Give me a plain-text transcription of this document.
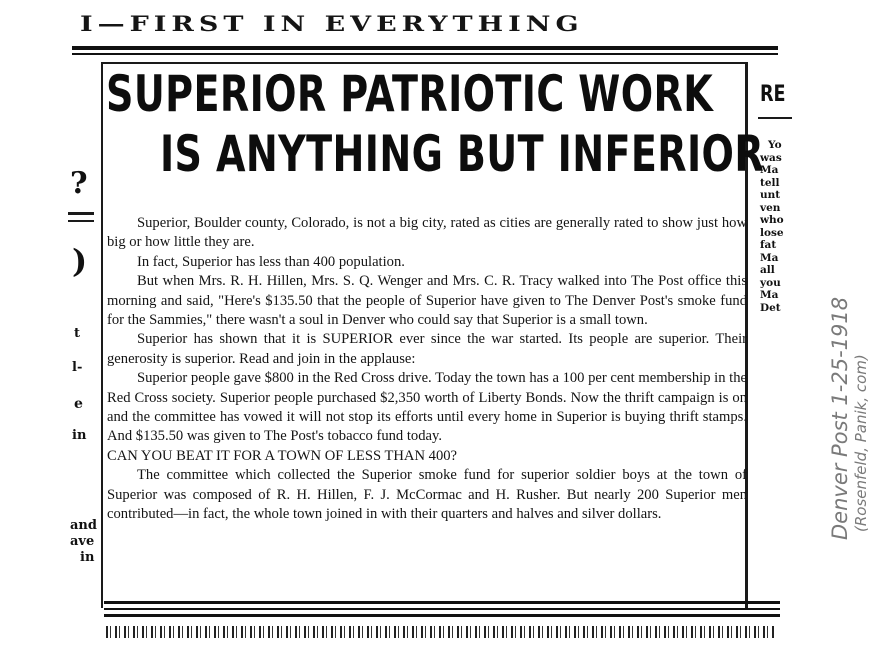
I—FIRST IN EVERYTHING
?
)
t
l-
e
in
and
ave
in
SUPERIOR PATRIOTIC WORK
IS ANYTHING BUT INFERIOR

Superior, Boulder county, Colorado, is not a big city, rated as cities are generally rated to show just how big or how little they are.

In fact, Superior has less than 400 population.

But when Mrs. R. H. Hillen, Mrs. S. Q. Wenger and Mrs. C. R. Tracy walked into The Post office this morning and said, "Here's $135.50 that the people of Superior have given to The Denver Post's smoke fund for the Sammies," there wasn't a soul in Denver who could say that Superior is a small town.

Superior has shown that it is SUPERIOR ever since the war started. Its people are superior. Their generosity is superior. Read and join in the applause:

Superior people gave $800 in the Red Cross drive. Today the town has a 100 per cent membership in the Red Cross society. Superior people purchased $2,350 worth of Liberty Bonds. Now the thrift campaign is on and the committee has vowed it will not stop its efforts until every home in Superior is buying thrift stamps. And $135.50 was given to The Post's tobacco fund today.

CAN YOU BEAT IT FOR A TOWN OF LESS THAN 400?

The committee which collected the Superior smoke fund for superior soldier boys at the town of Superior was composed of R. H. Hillen, F. J. McCormac and H. Rusher. But nearly 200 Superior men contributed—in fact, the whole town joined in with their quarters and halves and silver dollars.

RE
Yo
was
Ma
tell
unt
ven
who
lose
fat
Ma
all
you
Ma
Det	Denver Post 1-25-1918 (Rosenfeld, Panik, com)
